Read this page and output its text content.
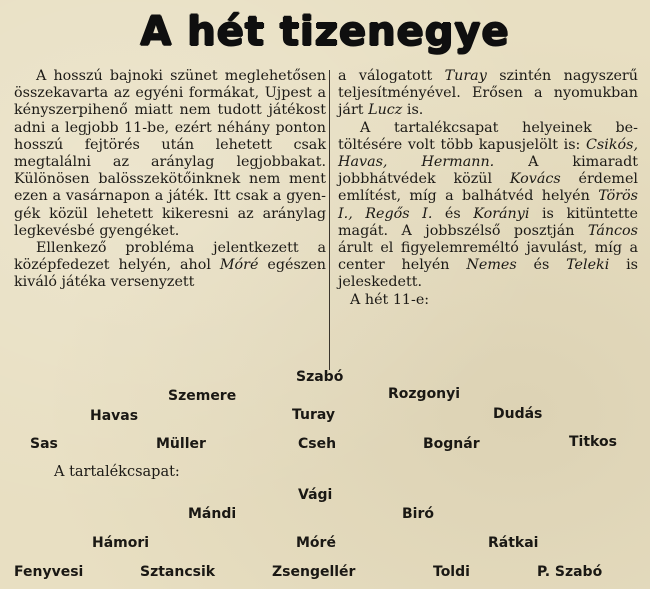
A hét tizenegye

A hosszú bajnoki szünet meglehetősen összekavarta az egyéni formákat, Ujpest a kényszerpihenő miatt nem tudott játékost adni a legjobb 11-be, ezért néhány ponton hosszú fejtörés után lehetett csak megtalálni az aránylag legjobbakat. Különösen balösszekötőinknek nem ment ezen a vasárnapon a játék. Itt csak a gyengék közül lehetett kikeresni az aránylag legkevésbé gyengéket.

Ellenkező probléma jelentkezett a középfedezet helyén, ahol Móré egészen kiváló játéka versenyzett

a válogatott Turay szintén nagyszerű teljesítményével. Erősen a nyomukban járt Lucz is.

A tartalékcsapat helyeinek betöltésére volt több kapusjelölt is: Csikós, Havas, Hermann. A kimaradt jobbhátvédek közül Kovács érdemel említést, míg a balhátvéd helyén Törös I., Regős I. és Korányi is kitüntette magát. A jobbszélső posztján Táncos árult el figyelemreméltó javulást, míg a center helyén Nemes és Teleki is jeleskedett.

A hét 11-e:

Szabó
Szemere	Rozgonyi
Havas	Turay	Dudás
Sas	Müller	Cseh	Bognár	Titkos
A tartalékcsapat:
Vági
Mándi	Biró
Hámori	Móré	Rátkai
Fenyvesi	Sztancsik	Zsengellér	Toldi	P. Szabó
